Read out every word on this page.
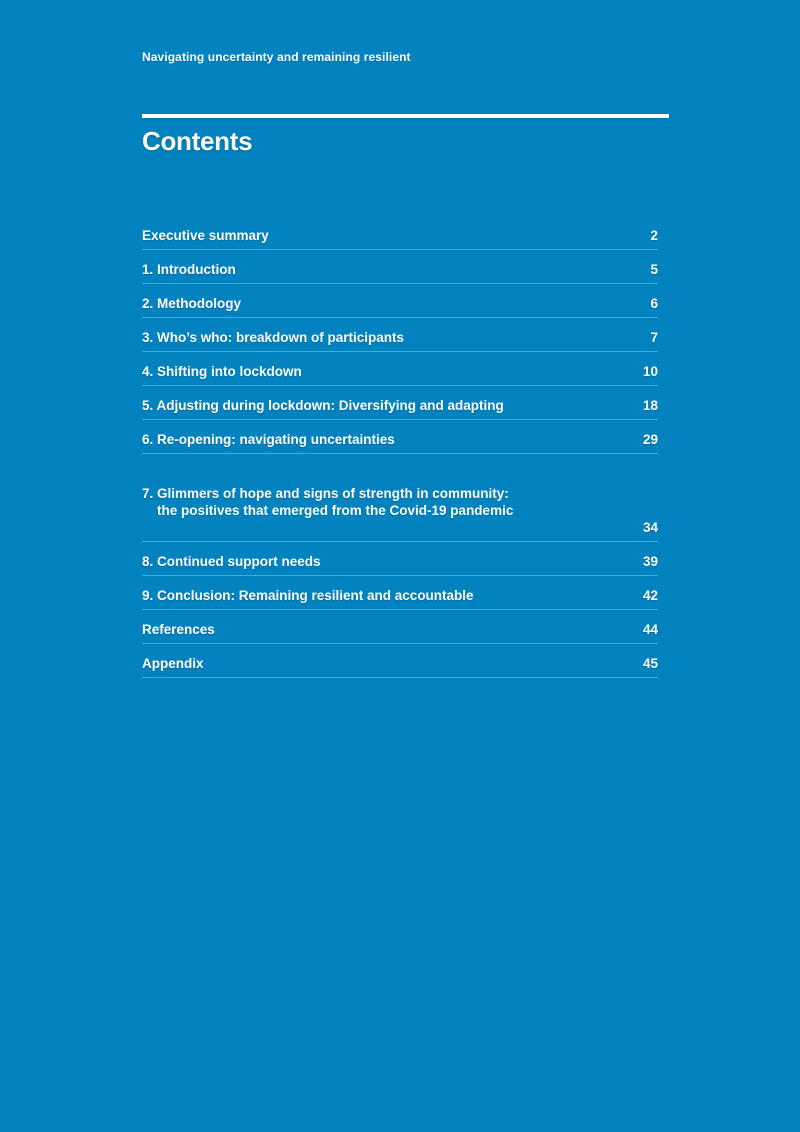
Navigating uncertainty and remaining resilient
Contents
Executive summary	2
1. Introduction	5
2. Methodology	6
3. Who’s who: breakdown of participants	7
4. Shifting into lockdown	10
5. Adjusting during lockdown: Diversifying and adapting	18
6. Re-opening: navigating uncertainties	29

7. Glimmers of hope and signs of strength in community:

the positives that emerged from the Covid-19 pandemic

34
8. Continued support needs	39
9. Conclusion: Remaining resilient and accountable	42
References	44
Appendix	45
